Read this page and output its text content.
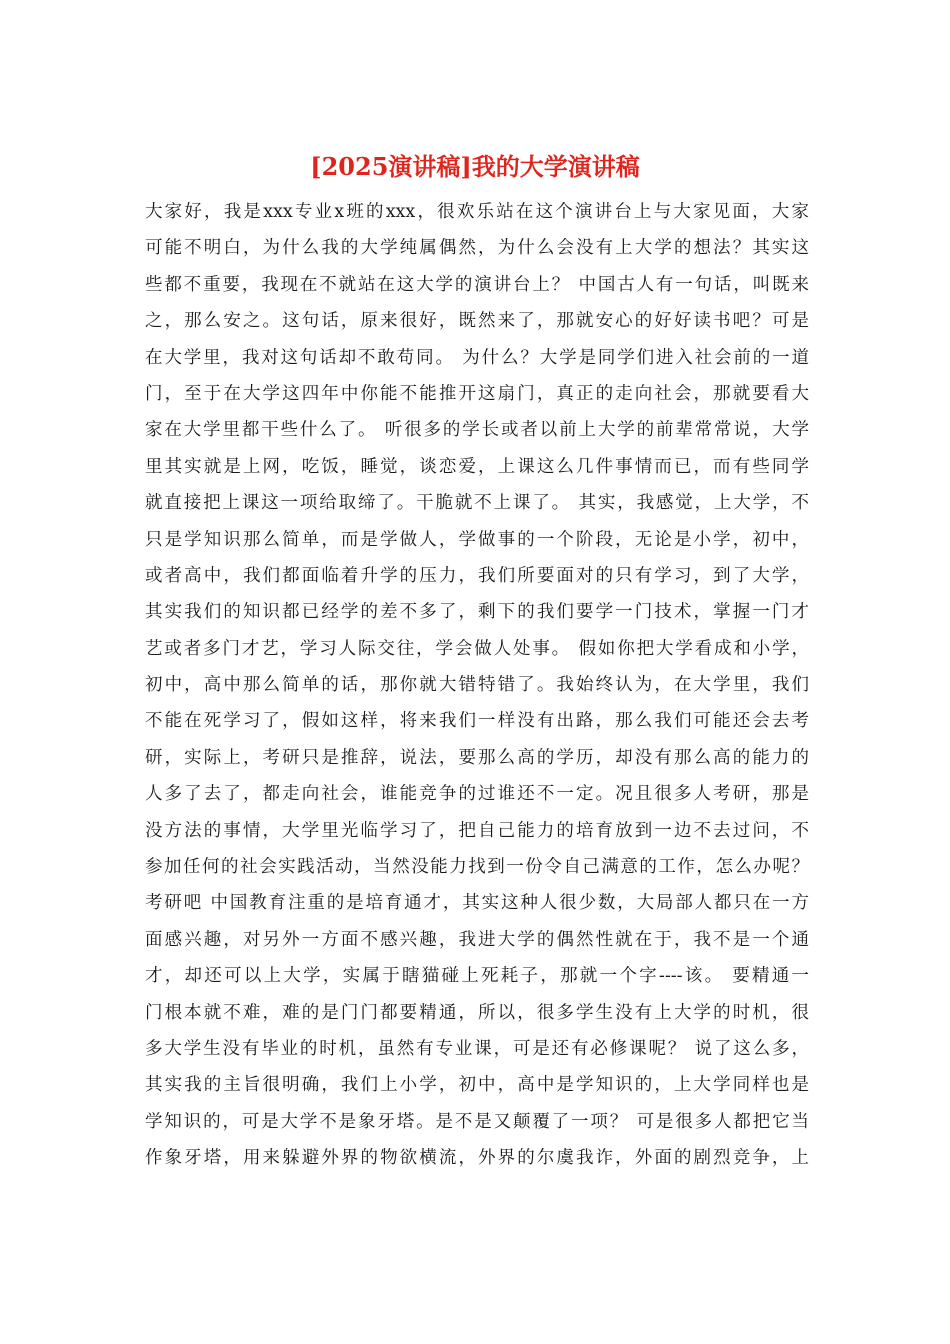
[2025演讲稿]我的大学演讲稿
大家好，我是xxx专业x班的xxx，很欢乐站在这个演讲台上与大家见面，大家
可能不明白，为什么我的大学纯属偶然，为什么会没有上大学的想法？其实这
些都不重要，我现在不就站在这大学的演讲台上？ 中国古人有一句话，叫既来
之，那么安之。这句话，原来很好，既然来了，那就安心的好好读书吧？可是
在大学里，我对这句话却不敢苟同。 为什么？大学是同学们进入社会前的一道
门，至于在大学这四年中你能不能推开这扇门，真正的走向社会，那就要看大
家在大学里都干些什么了。 听很多的学长或者以前上大学的前辈常常说，大学
里其实就是上网，吃饭，睡觉，谈恋爱，上课这么几件事情而已，而有些同学
就直接把上课这一项给取缔了。干脆就不上课了。 其实，我感觉，上大学，不
只是学知识那么简单，而是学做人，学做事的一个阶段，无论是小学，初中，
或者高中，我们都面临着升学的压力，我们所要面对的只有学习，到了大学，
其实我们的知识都已经学的差不多了，剩下的我们要学一门技术，掌握一门才
艺或者多门才艺，学习人际交往，学会做人处事。 假如你把大学看成和小学，
初中，高中那么简单的话，那你就大错特错了。我始终认为，在大学里，我们
不能在死学习了，假如这样，将来我们一样没有出路，那么我们可能还会去考
研，实际上，考研只是推辞，说法，要那么高的学历，却没有那么高的能力的
人多了去了，都走向社会，谁能竞争的过谁还不一定。况且很多人考研，那是
没方法的事情，大学里光临学习了，把自己能力的培育放到一边不去过问，不
参加任何的社会实践活动，当然没能力找到一份令自己满意的工作，怎么办呢？
考研吧 中国教育注重的是培育通才，其实这种人很少数，大局部人都只在一方
面感兴趣，对另外一方面不感兴趣，我进大学的偶然性就在于，我不是一个通
才，却还可以上大学，实属于瞎猫碰上死耗子，那就一个字----该。 要精通一
门根本就不难，难的是门门都要精通，所以，很多学生没有上大学的时机，很
多大学生没有毕业的时机，虽然有专业课，可是还有必修课呢？ 说了这么多，
其实我的主旨很明确，我们上小学，初中，高中是学知识的，上大学同样也是
学知识的，可是大学不是象牙塔。是不是又颠覆了一项？ 可是很多人都把它当
作象牙塔，用来躲避外界的物欲横流，外界的尔虞我诈，外面的剧烈竞争，上
